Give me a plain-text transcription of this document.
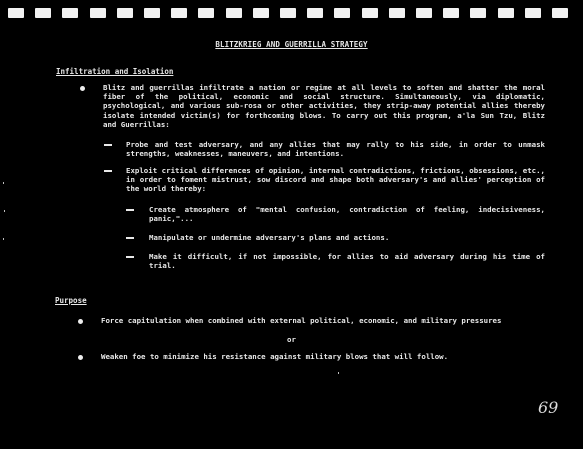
BLITZKRIEG AND GUERRILLA STRATEGY
Infiltration and Isolation
Blitz and guerrillas infiltrate a nation or regime at all levels to soften and shatter the moral fiber of the political, economic and social structure. Simultaneously, via diplomatic, psychological, and various sub-rosa or other activities, they strip-away potential allies thereby isolate intended victim(s) for forthcoming blows. To carry out this program, a'la Sun Tzu, Blitz and Guerrillas:
Probe and test adversary, and any allies that may rally to his side, in order to unmask strengths, weaknesses, maneuvers, and intentions.
Exploit critical differences of opinion, internal contradictions, frictions, obsessions, etc., in order to foment mistrust, sow discord and shape both adversary's and allies' perception of the world thereby:
Create atmosphere of "mental confusion, contradiction of feeling, indecisiveness, panic,"...
Manipulate or undermine adversary's plans and actions.
Make it difficult, if not impossible, for allies to aid adversary during his time of trial.
Purpose
Force capitulation when combined with external political, economic, and military pressures
or
Weaken foe to minimize his resistance against military blows that will follow.
69
